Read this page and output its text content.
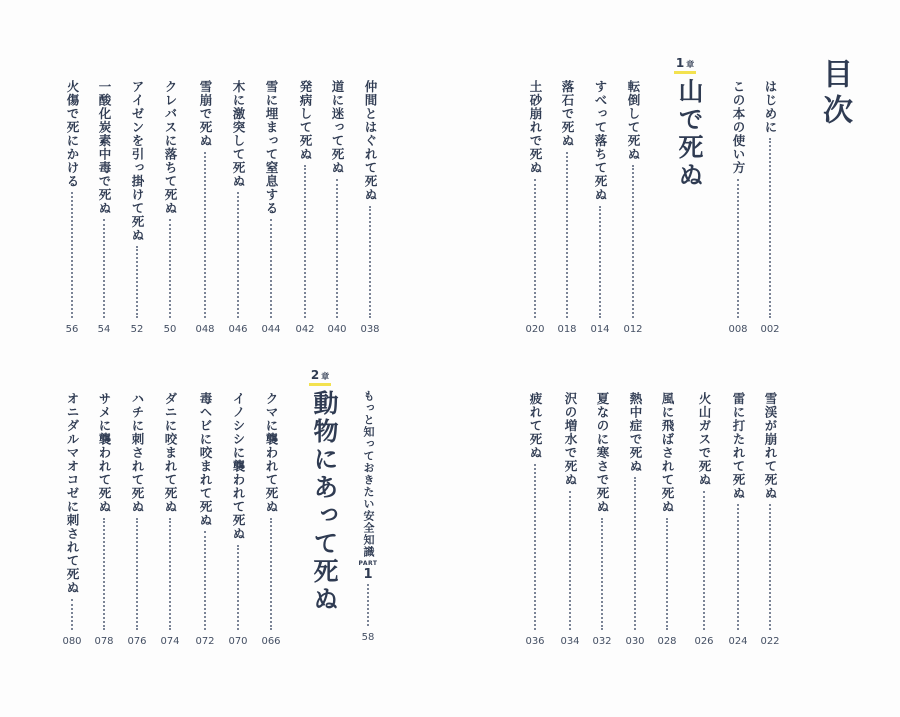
目次
1 章
山で死ぬ
2 章
動物にあって死ぬ もっと知っておきたい安全知識
PART
1
58
はじめに
002
この本の使い方
008
転倒して死ぬ
012
すべって落ちて死ぬ
014
落石で死ぬ
018
土砂崩れで死ぬ
020
仲間とはぐれて死ぬ
038
道に迷って死ぬ
040
発病して死ぬ
042
雪に埋まって窒息する
044
木に激突して死ぬ
046
雪崩で死ぬ
048
クレバスに落ちて死ぬ
50
アイゼンを引っ掛けて死ぬ
52
一酸化炭素中毒で死ぬ
54
火傷で死にかける
56
雪渓が崩れて死ぬ
022
雷に打たれて死ぬ
024
火山ガスで死ぬ
026
風に飛ばされて死ぬ
028
熱中症で死ぬ
030
夏なのに寒さで死ぬ
032
沢の増水で死ぬ
034
疲れて死ぬ
036
クマに襲われて死ぬ
066
イノシシに襲われて死ぬ
070
毒ヘビに咬まれて死ぬ
072
ダニに咬まれて死ぬ
074
ハチに刺されて死ぬ
076
サメに襲われて死ぬ
078
オニダルマオコゼに刺されて死ぬ
080
